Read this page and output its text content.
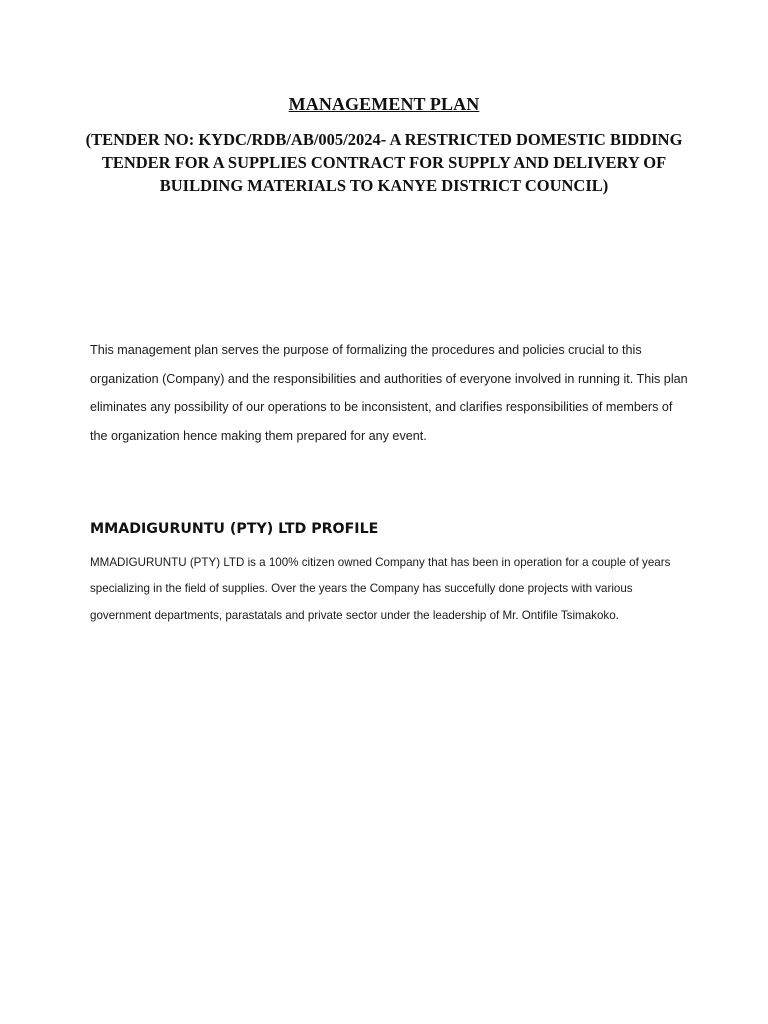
MANAGEMENT PLAN
(TENDER NO: KYDC/RDB/AB/005/2024- A RESTRICTED DOMESTIC BIDDING TENDER FOR A SUPPLIES CONTRACT FOR SUPPLY AND DELIVERY OF BUILDING MATERIALS TO KANYE DISTRICT COUNCIL)

This management plan serves the purpose of formalizing the procedures and policies crucial to this organization (Company) and the responsibilities and authorities of everyone involved in running it. This plan eliminates any possibility of our operations to be inconsistent, and clarifies responsibilities of members of the organization hence making them prepared for any event.

MMADIGURUNTU (PTY) LTD PROFILE

MMADIGURUNTU (PTY) LTD is a 100% citizen owned Company that has been in operation for a couple of years specializing in the field of supplies. Over the years the Company has succefully done projects with various government departments, parastatals and private sector under the leadership of Mr. Ontifile Tsimakoko.
